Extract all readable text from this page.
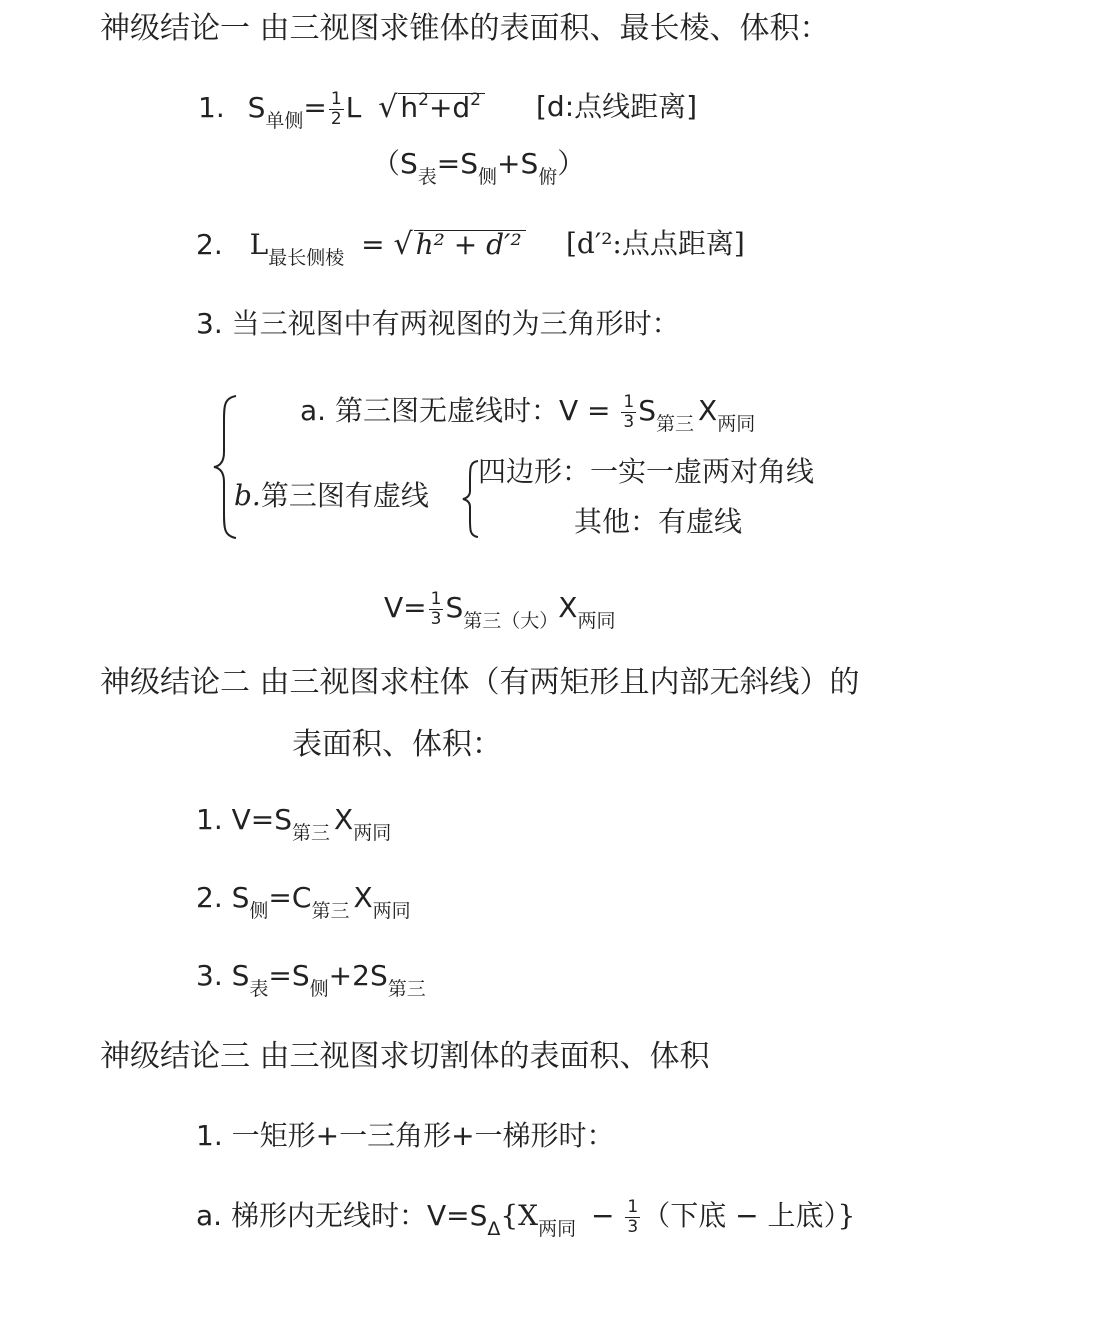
神级结论一 由三视图求锥体的表面积、最长棱、体积：
1. $S_{单侧}= \frac{1}{2}$ L √ $h^2+d^2$ [d:点线距离]
$(S_表=S_侧+S_俯)$
2. $L_{最长侧棱}$ = √ h² + d′² [d′²:点点距离]
3. 当三视图中有两视图的为三角形时：
a. 第三图无虚线时：$V = \frac{1}{3} S_{第三}$ $X_{两同}$
b.第三图有虚线
四边形：一实一虚两对角线
其他：有虚线
$V= \frac{1}{3} S_{第三(大)}X_{两同}$
神级结论二 由三视图求柱体（有两矩形且内部无斜线）的
表面积、体积：
1. $V=S_{第三}$ $X_{两同}$
2. $S_侧=C_{第三}$ $X_{两同}$
3. $S_表=S_侧+2S_{第三}$
神级结论三 由三视图求切割体的表面积、体积
1. 一矩形+一三角形+一梯形时：
a. 梯形内无线时：$V=S_\Delta\{X_{两同} - \frac{1}{3}$ （下底 − 上底）}
